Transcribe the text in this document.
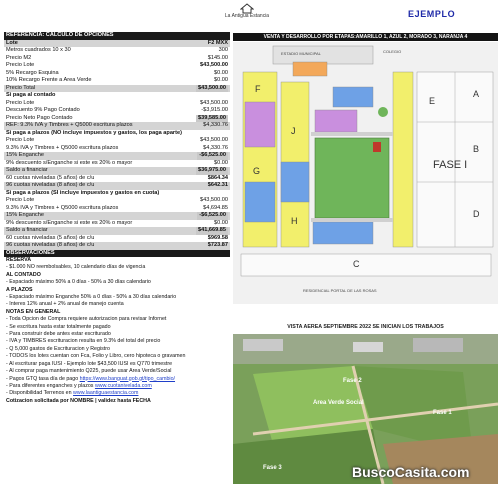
La Antigua Estancia	EJEMPLO
REFERENCIA: CALCULO DE OPCIONES
Lote	F2 MXX
Metros cuadrados 10 x 30	300
Precio M2	$145.00
Precio Lote	$43,500.00
5% Recargo Esquina	$0.00
10% Recargo Frente a Area Verde	$0.00
Precio Total	$43,500.00
Si paga al contado
Precio Lote	$43,500.00
Descuento 9% Pago Contado	-$3,915.00
Precio Neto Pago Contado	$39,585.00
REF: 9.3% IVA y Timbres + Q5000 escritura plazos	$4,330.76
Si paga a plazos (NO incluye impuestos y gastos, los paga aparte)
Precio Lote	$43,500.00
9.3% IVA y Timbres + Q5000 escritura plazos	$4,330.76
15% Enganche	-$6,525.00
9% descuento s/Enganche si este es 20% o mayor	$0.00
Saldo a financiar	$36,975.00
60 cuotas niveladas (5 años) de c/u	$864.34
96 cuotas niveladas (8 años) de c/u	$642.31
Si paga a plazos (SI incluye impuestos y gastos en cuota)
Precio Lote	$43,500.00
9.3% IVA y Timbres + Q5000 escritura plazos	$4,694.85
15% Enganche	-$6,525.00
9% descuento s/Enganche si este es 20% o mayor	$0.00
Saldo a financiar	$41,669.85
60 cuotas niveladas (5 años) de c/u	$969.58
96 cuotas niveladas (8 años) de c/u	$723.87
OBSERVACIONES
RESERVA
- $1.000 NO reembolsables, 10 calendario días de vigencia
AL CONTADO
- Espaciado máximo 50% a 0 días - 50% a 30 días calendario
A PLAZOS
- Espaciado máximo Enganche 50% a 0 días - 50% a 30 días calendario
- Interes 12% anual + 2% anual de manejo cuenta
NOTAS EN GENERAL
- Toda Opcion de Compra requiere autorizacion para revisar Infornet
- Se escritura hasta estar totalmente pagado
- Para construir debe antes estar escriturado
- IVA y TIMBRES escrituracion resulta en 9.3% del total del precio
- Q 5,000 gastos de Escrituracion y Registro
- TODOS los lotes cuentan con Fca, Folio y Libro, cero hipoteca o gravamen
- Al escriturar paga IUSI - Ejemplo lote $43,500 IUSI es Q770 trimestre
- Al comprar paga mantenimiento Q225, puede usar Area Verde/Social
- Pagos GTQ tasa día de pago https://www.banguat.gob.gt/tipo_cambio/
- Para diferentes enganches y plazos www.cuotanivelada.com
- Disponibilidad Terrenos en www.laantiguaestancia.com
Cotizacion solicitada por NOMBRE | validez hasta FECHA
VENTA Y DESARROLLO POR ETAPAS:AMARILLO 1, AZUL 2, MORADO 3, NARANJA 4
ESTADIO MUNICIPAL	COLEGIO
FASE I
RESIDENCIAL PORTAL DE LAS ROSAS
F
J
G
H
A
B
D
E
C
VISTA AEREA SEPTIEMBRE 2022 SE INICIAN LOS TRABAJOS
Fase 2
Area Verde Social
Fase 1
Fase 3	BuscoCasita.com
